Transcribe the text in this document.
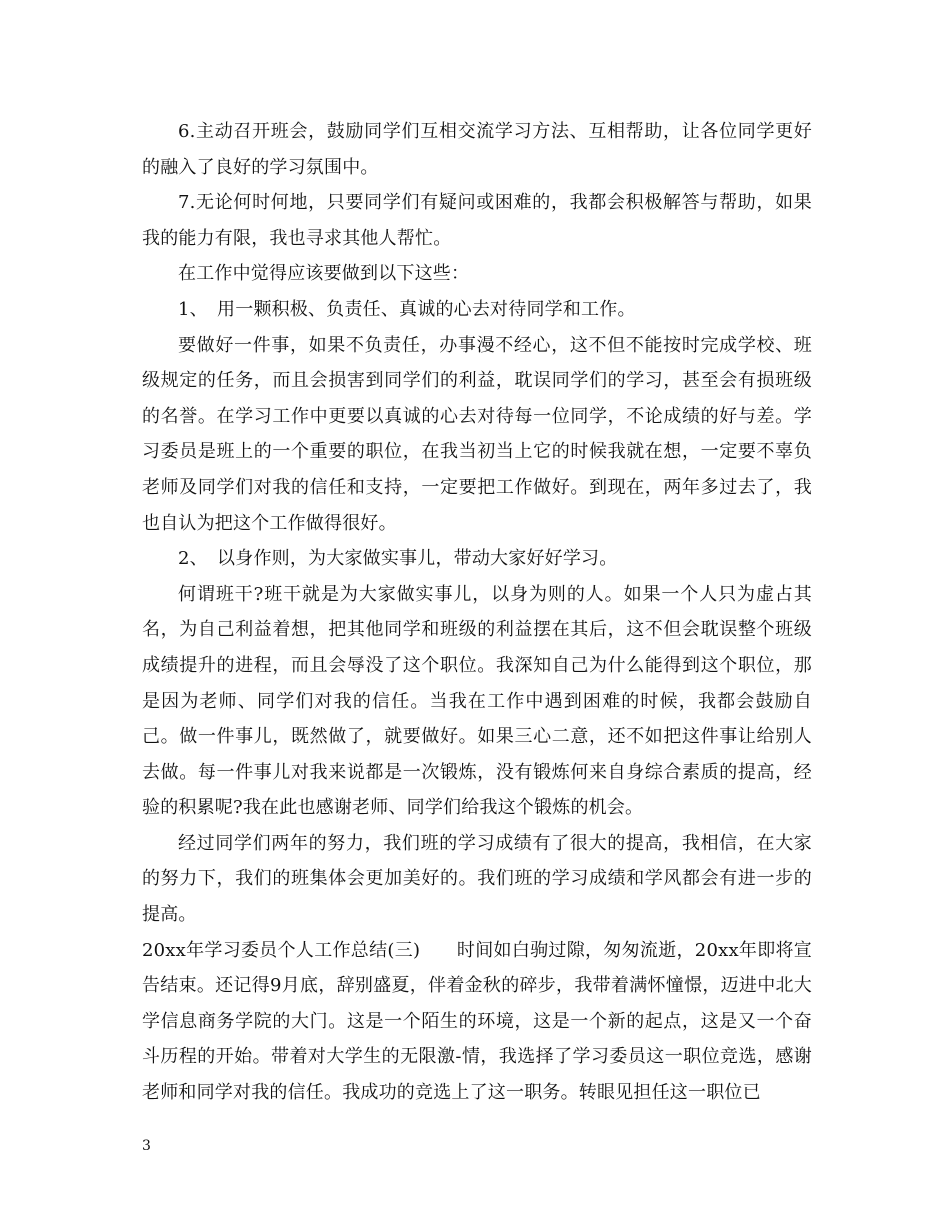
6.主动召开班会，鼓励同学们互相交流学习方法、互相帮助，让各位同学更好的融入了良好的学习氛围中。

7.无论何时何地，只要同学们有疑问或困难的，我都会积极解答与帮助，如果我的能力有限，我也寻求其他人帮忙。

在工作中觉得应该要做到以下这些：

1、　用一颗积极、负责任、真诚的心去对待同学和工作。

要做好一件事，如果不负责任，办事漫不经心，这不但不能按时完成学校、班级规定的任务，而且会损害到同学们的利益，耽误同学们的学习，甚至会有损班级的名誉。在学习工作中更要以真诚的心去对待每一位同学，不论成绩的好与差。学习委员是班上的一个重要的职位，在我当初当上它的时候我就在想，一定要不辜负老师及同学们对我的信任和支持，一定要把工作做好。到现在，两年多过去了，我也自认为把这个工作做得很好。

2、　以身作则，为大家做实事儿，带动大家好好学习。

何谓班干?班干就是为大家做实事儿，以身为则的人。如果一个人只为虚占其名，为自己利益着想，把其他同学和班级的利益摆在其后，这不但会耽误整个班级成绩提升的进程，而且会辱没了这个职位。我深知自己为什么能得到这个职位，那是因为老师、同学们对我的信任。当我在工作中遇到困难的时候，我都会鼓励自己。做一件事儿，既然做了，就要做好。如果三心二意，还不如把这件事让给别人去做。每一件事儿对我来说都是一次锻炼，没有锻炼何来自身综合素质的提高，经验的积累呢?我在此也感谢老师、同学们给我这个锻炼的机会。

经过同学们两年的努力，我们班的学习成绩有了很大的提高，我相信，在大家的努力下，我们的班集体会更加美好的。我们班的学习成绩和学风都会有进一步的提高。

20xx年学习委员个人工作总结(三)　　时间如白驹过隙，匆匆流逝，20xx年即将宣告结束。还记得9月底，辞别盛夏，伴着金秋的碎步，我带着满怀憧憬，迈进中北大学信息商务学院的大门。这是一个陌生的环境，这是一个新的起点，这是又一个奋斗历程的开始。带着对大学生的无限激-情，我选择了学习委员这一职位竞选，感谢老师和同学对我的信任。我成功的竞选上了这一职务。转眼见担任这一职位已

3
